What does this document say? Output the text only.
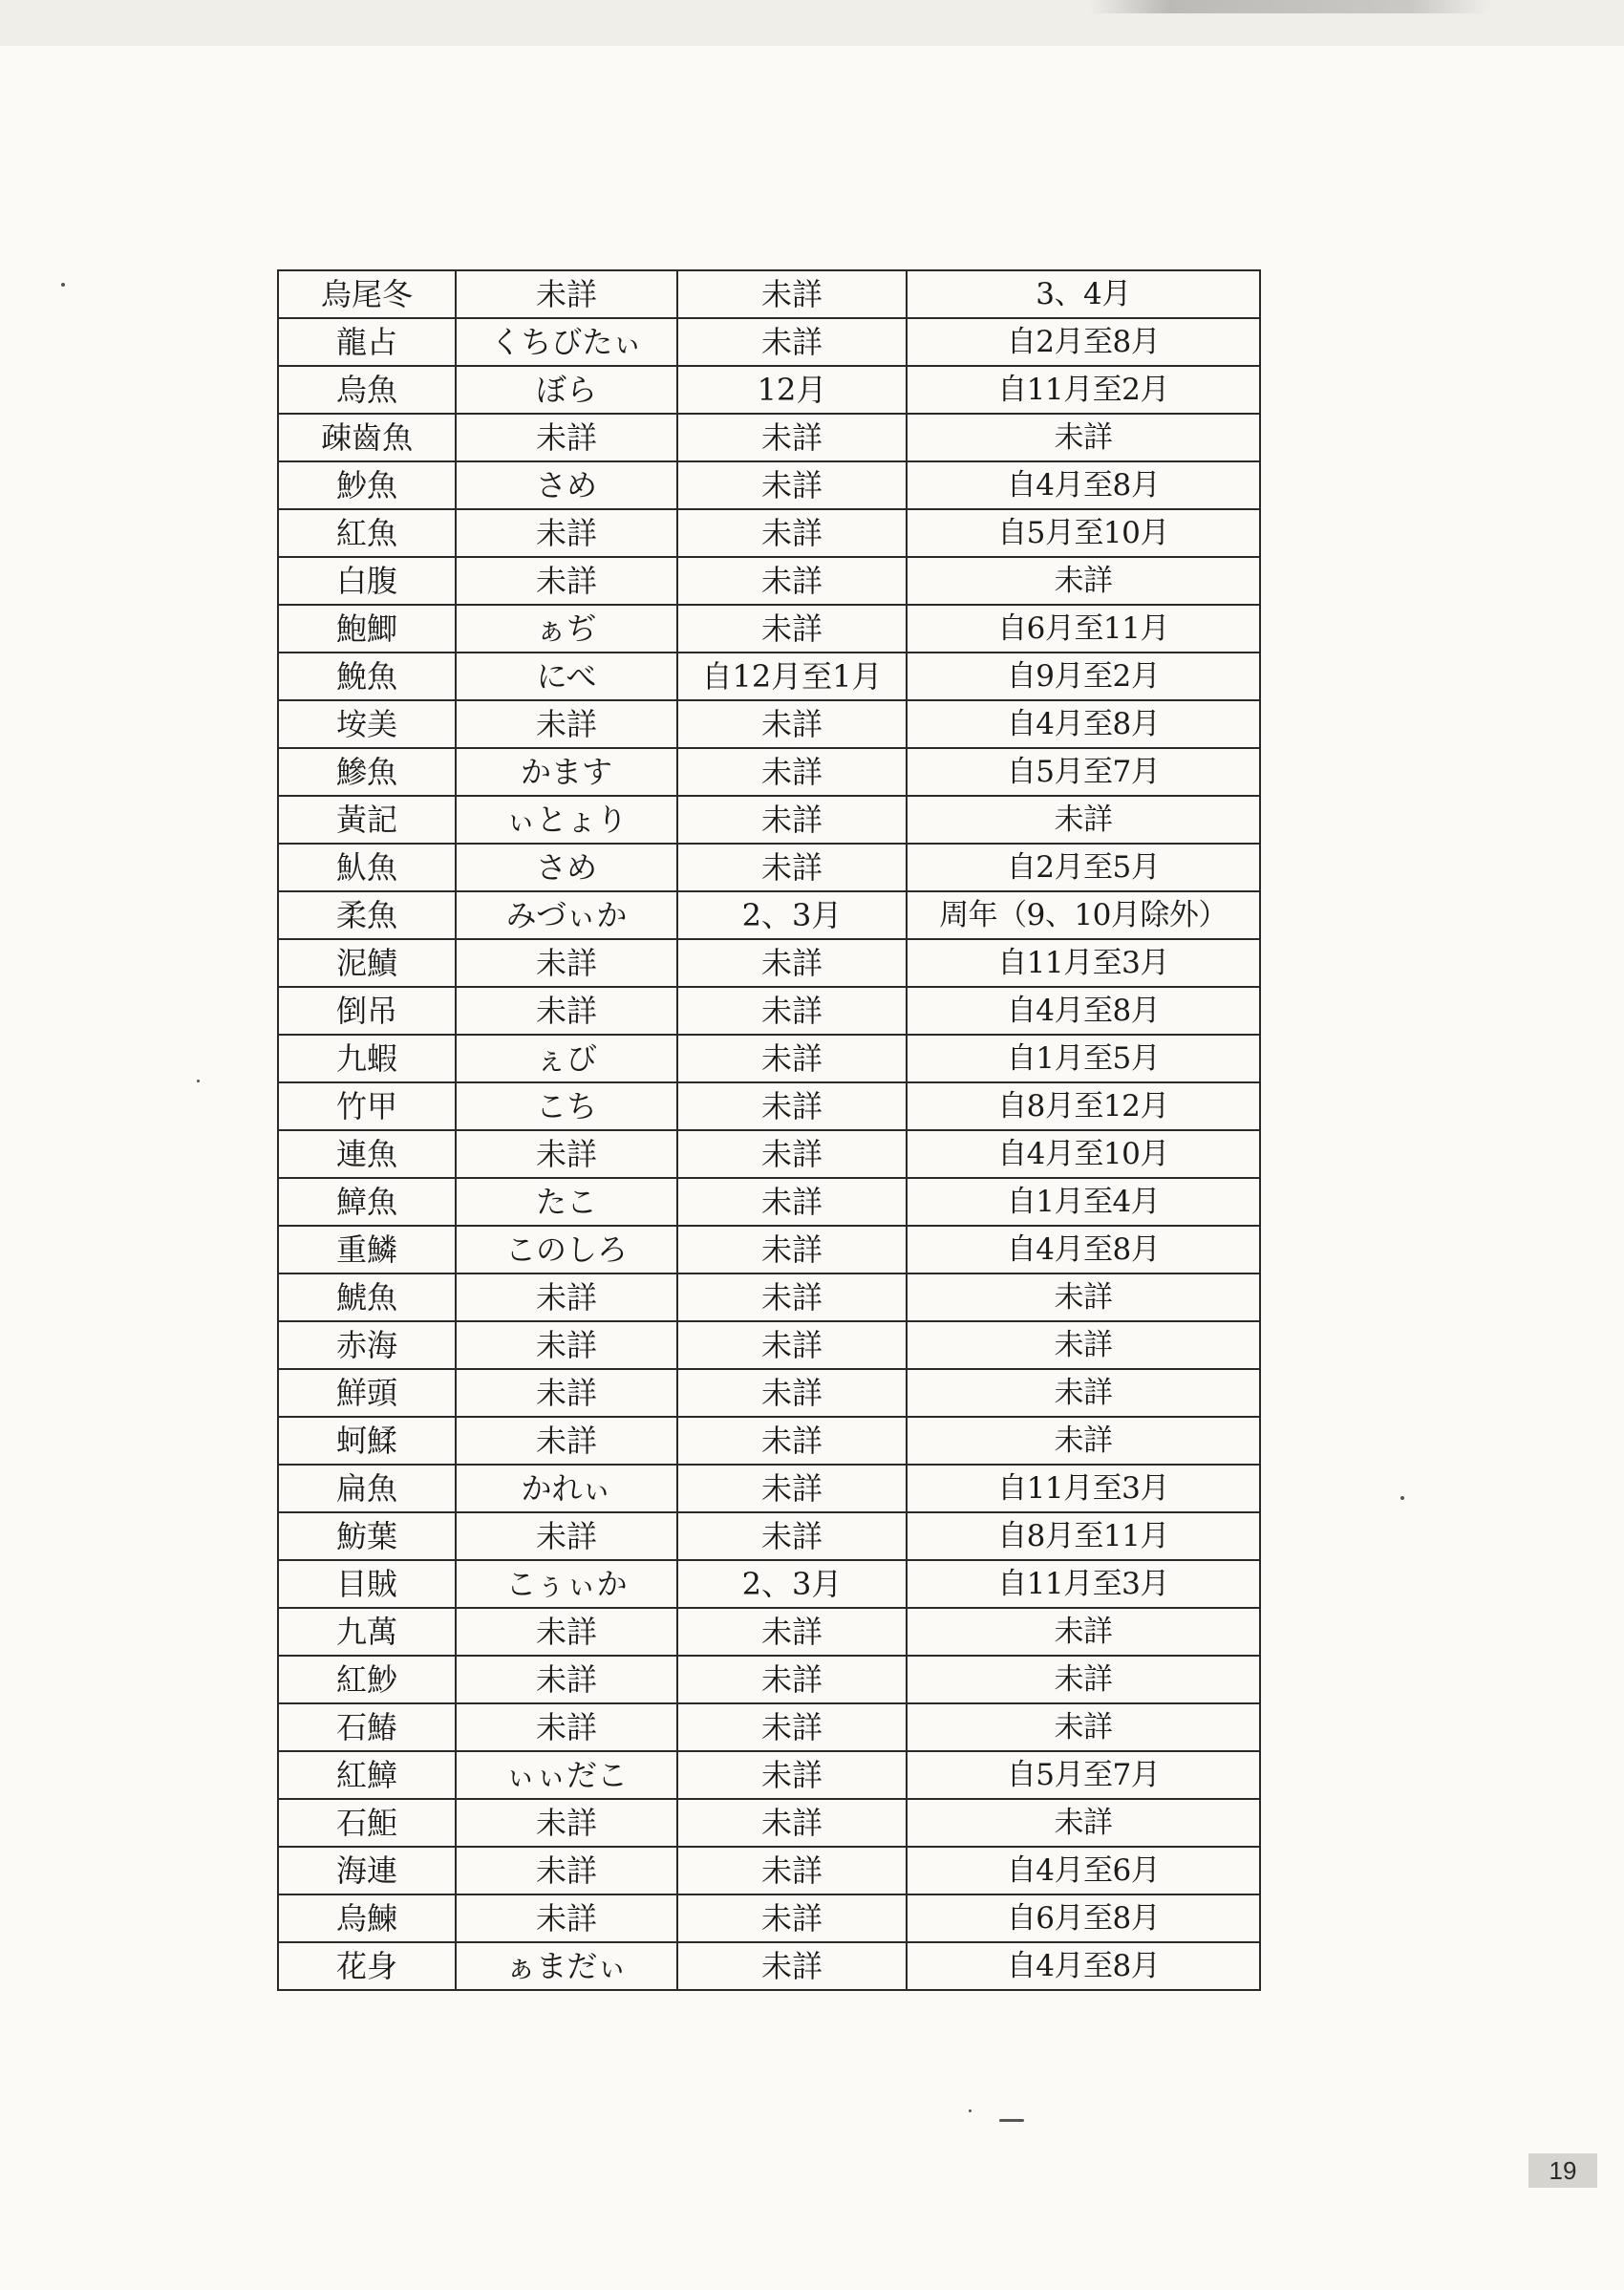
烏尾冬	未詳	未詳	3、4月
龍占	くちびたぃ	未詳	自2月至8月
烏魚	ぼら	12月	自11月至2月
疎齒魚	未詳	未詳	未詳
魦魚	さめ	未詳	自4月至8月
紅魚	未詳	未詳	自5月至10月
白腹	未詳	未詳	未詳
鮑鯽	ぁぢ	未詳	自6月至11月
鮸魚	にべ	自12月至1月	自9月至2月
垵美	未詳	未詳	自4月至8月
鰺魚	かます	未詳	自5月至7月
黃記	ぃとょり	未詳	未詳
魜魚	さめ	未詳	自2月至5月
柔魚	みづぃか	2、3月	周年（9、10月除外）
泥鰿	未詳	未詳	自11月至3月
倒吊	未詳	未詳	自4月至8月
九蝦	ぇび	未詳	自1月至5月
竹甲	こち	未詳	自8月至12月
連魚	未詳	未詳	自4月至10月
鱆魚	たこ	未詳	自1月至4月
重鱗	このしろ	未詳	自4月至8月
鯱魚	未詳	未詳	未詳
赤海	未詳	未詳	未詳
鮮頭	未詳	未詳	未詳
蚵鰇	未詳	未詳	未詳
扁魚	かれぃ	未詳	自11月至3月
魴葉	未詳	未詳	自8月至11月
目賊	こぅぃか	2、3月	自11月至3月
九萬	未詳	未詳	未詳
紅魦	未詳	未詳	未詳
石鰆	未詳	未詳	未詳
紅鱆	ぃぃだこ	未詳	自5月至7月
石鮔	未詳	未詳	未詳
海連	未詳	未詳	自4月至6月
烏鰊	未詳	未詳	自6月至8月
花身	ぁまだぃ	未詳	自4月至8月
19
